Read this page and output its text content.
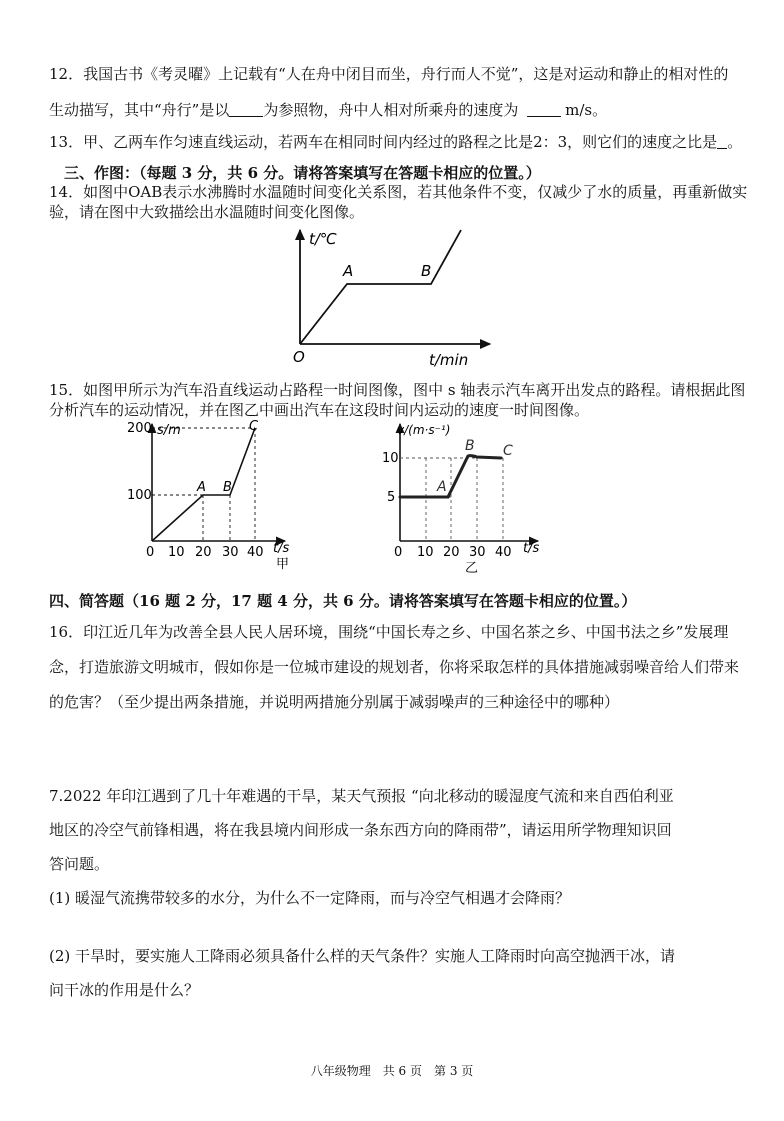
12．我国古书《考灵曜》上记载有“人在舟中闭目而坐，舟行而人不觉”，这是对运动和静止的相对性的
生动描写，其中“舟行”是以 为参照物，舟中人相对所乘舟的速度为	m/s。
13．甲、乙两车作匀速直线运动，若两车在相同时间内经过的路程之比是2：3，则它们的速度之比是 。
三、作图：（每题 3 分，共 6 分。请将答案填写在答题卡相应的位置。）
14．如图中OAB表示水沸腾时水温随时间变化关系图，若其他条件不变，仅减少了水的质量，再重新做实
验，请在图中大致描绘出水温随时间变化图像。
t/℃
t/min
O
A	B
15．如图甲所示为汽车沿直线运动占路程一时间图像，图中 s 轴表示汽车离开出发点的路程。请根据此图
分析汽车的运动情况，并在图乙中画出汽车在这段时间内运动的速度一时间图像。
s/m
100
200
0 10 20 30 40 t/s
甲
A B
C	v/(m·s⁻¹)
10
5
0 10 20 30 40 t/s
乙
A
B C
四、简答题（16 题 2 分，17 题 4 分，共 6 分。请将答案填写在答题卡相应的位置。）
16．印江近几年为改善全县人民人居环境，围绕“中国长寿之乡、中国名茶之乡、中国书法之乡”发展理
念，打造旅游文明城市，假如你是一位城市建设的规划者，你将采取怎样的具体措施减弱噪音给人们带来
的危害？（至少提出两条措施，并说明两措施分别属于减弱噪声的三种途径中的哪种）
7.2022 年印江遇到了几十年难遇的干旱，某天气预报 “向北移动的暖湿度气流和来自西伯利亚
地区的冷空气前锋相遇，将在我县境内间形成一条东西方向的降雨带”，请运用所学物理知识回
答问题。
(1) 暖湿气流携带较多的水分，为什么不一定降雨，而与冷空气相遇才会降雨？
(2) 干旱时，要实施人工降雨必须具备什么样的天气条件？实施人工降雨时向高空抛洒干冰，请
问干冰的作用是什么？
八年级物理　共 6 页　第 3 页
